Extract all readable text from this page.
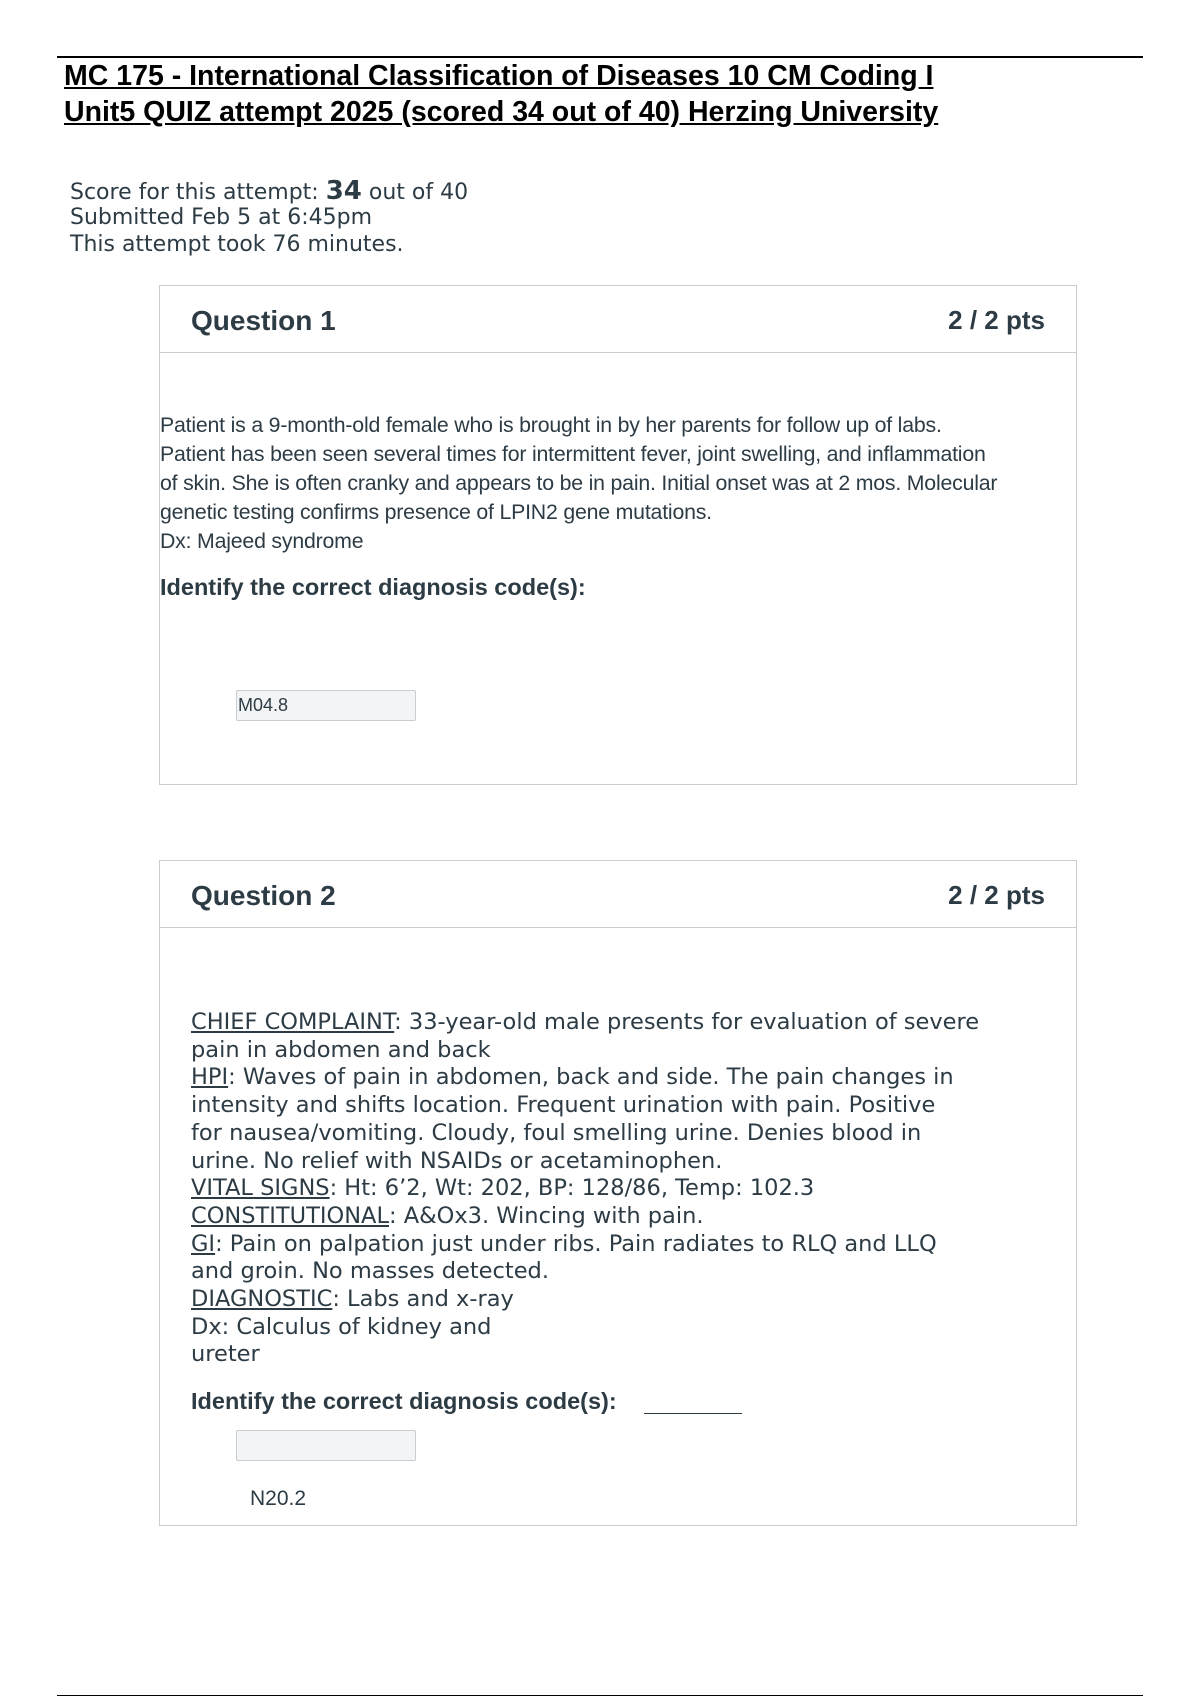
MC 175 - International Classification of Diseases 10 CM Coding I
Unit5 QUIZ attempt 2025 (scored 34 out of 40) Herzing University
Score for this attempt: 34 out of 40
Submitted Feb 5 at 6:45pm
This attempt took 76 minutes.
Question 1	2 / 2 pts
Patient is a 9-month-old female who is brought in by her parents for follow up of labs.
Patient has been seen several times for intermittent fever, joint swelling, and inflammation
of skin. She is often cranky and appears to be in pain. Initial onset was at 2 mos. Molecular
genetic testing confirms presence of LPIN2 gene mutations.
Dx: Majeed syndrome
Identify the correct diagnosis code(s):
M04.8
Question 2	2 / 2 pts
CHIEF COMPLAINT: 33-year-old male presents for evaluation of severe
pain in abdomen and back
HPI: Waves of pain in abdomen, back and side. The pain changes in
intensity and shifts location. Frequent urination with pain. Positive
for nausea/vomiting. Cloudy, foul smelling urine. Denies blood in
urine. No relief with NSAIDs or acetaminophen.
VITAL SIGNS: Ht: 6’2, Wt: 202, BP: 128/86, Temp: 102.3
CONSTITUTIONAL: A&Ox3. Wincing with pain.
GI: Pain on palpation just under ribs. Pain radiates to RLQ and LLQ
and groin. No masses detected.
DIAGNOSTIC: Labs and x-ray
Dx: Calculus of kidney and
ureter
Identify the correct diagnosis code(s):
N20.2
